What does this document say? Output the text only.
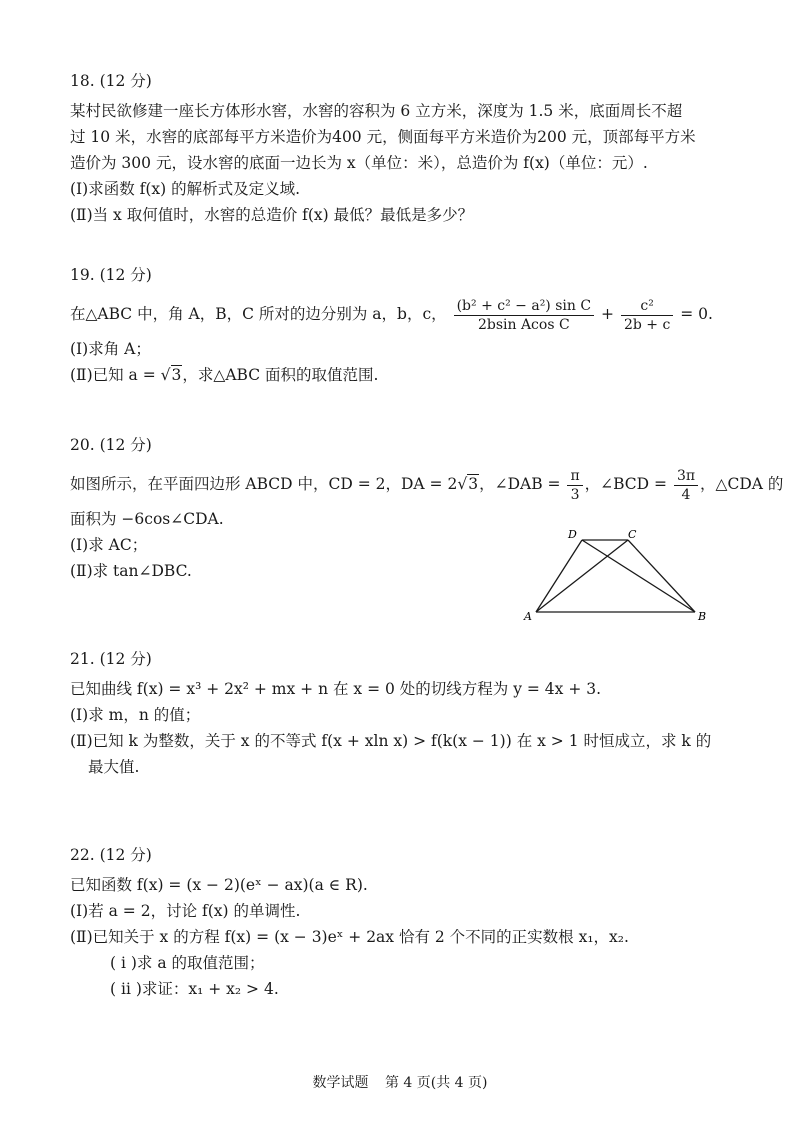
18. (12 分)
某村民欲修建一座长方体形水窖，水窖的容积为 6 立方米，深度为 1.5 米，底面周长不超
过 10 米，水窖的底部每平方米造价为400 元，侧面每平方米造价为200 元，顶部每平方米
造价为 300 元，设水窖的底面一边长为 x（单位：米），总造价为 f(x)（单位：元）.
(Ⅰ)求函数 f(x) 的解析式及定义域.
(Ⅱ)当 x 取何值时，水窖的总造价 f(x) 最低？最低是多少？
19. (12 分)
在△ABC 中，角 A，B，C 所对的边分别为 a，b，c， $\frac{\text{(b² + c² − a²) sin C}}{\text{2bsin Acos C}} + \frac{\text{c²}}{2b + c} = 0$.
(Ⅰ)求角 A；
(Ⅱ)已知 a = √3，求△ABC 面积的取值范围.
20. (12 分)
如图所示，在平面四边形 ABCD 中，CD = 2，DA = 2√3，∠DAB = $\frac{\pi}{3}$ ，∠BCD = $\frac{3\pi}{4}$ ，△CDA 的
面积为 −6cos∠CDA.
(Ⅰ)求 AC；
(Ⅱ)求 tan∠DBC.
A	B
C
D
21. (12 分)
已知曲线 f(x) = x³ + 2x² + mx + n 在 x = 0 处的切线方程为 y = 4x + 3.
(Ⅰ)求 m，n 的值；
(Ⅱ)已知 k 为整数，关于 x 的不等式 f(x + xln x) > f(k(x − 1)) 在 x > 1 时恒成立，求 k 的
最大值.
22. (12 分)
已知函数 f(x) = (x − 2)(eˣ − ax)(a ∈ R).
(Ⅰ)若 a = 2，讨论 f(x) 的单调性.
(Ⅱ)已知关于 x 的方程 f(x) = (x − 3)eˣ + 2ax 恰有 2 个不同的正实数根 x₁，x₂.
( ⅰ )求 a 的取值范围；
( ⅱ )求证：x₁ + x₂ > 4.
数学试题 第 4 页(共 4 页)
